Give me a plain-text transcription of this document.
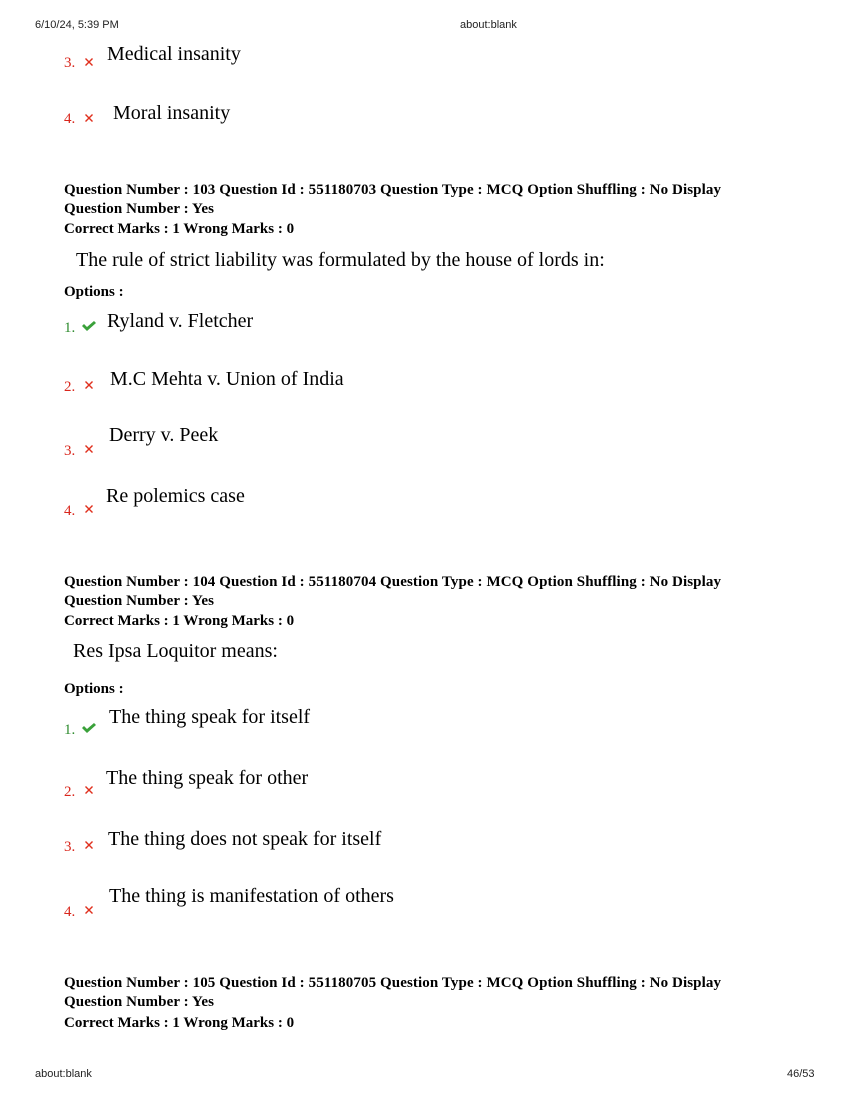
6/10/24, 5:39 PM	about:blank
3. Medical insanity
4. Moral insanity
Question Number : 103 Question Id : 551180703 Question Type : MCQ Option Shuffling : No Display
Question Number : Yes
Correct Marks : 1 Wrong Marks : 0
The rule of strict liability was formulated by the house of lords in:
Options :
1. Ryland v. Fletcher
2. M.C Mehta v. Union of India
3.
Derry v. Peek
4.
Re polemics case
Question Number : 104 Question Id : 551180704 Question Type : MCQ Option Shuffling : No Display
Question Number : Yes
Correct Marks : 1 Wrong Marks : 0
Res Ipsa Loquitor means:
Options :
1.
The thing speak for itself
2.
The thing speak for other
3. The thing does not speak for itself
4.
The thing is manifestation of others
Question Number : 105 Question Id : 551180705 Question Type : MCQ Option Shuffling : No Display
Question Number : Yes
Correct Marks : 1 Wrong Marks : 0
about:blank	46/53
